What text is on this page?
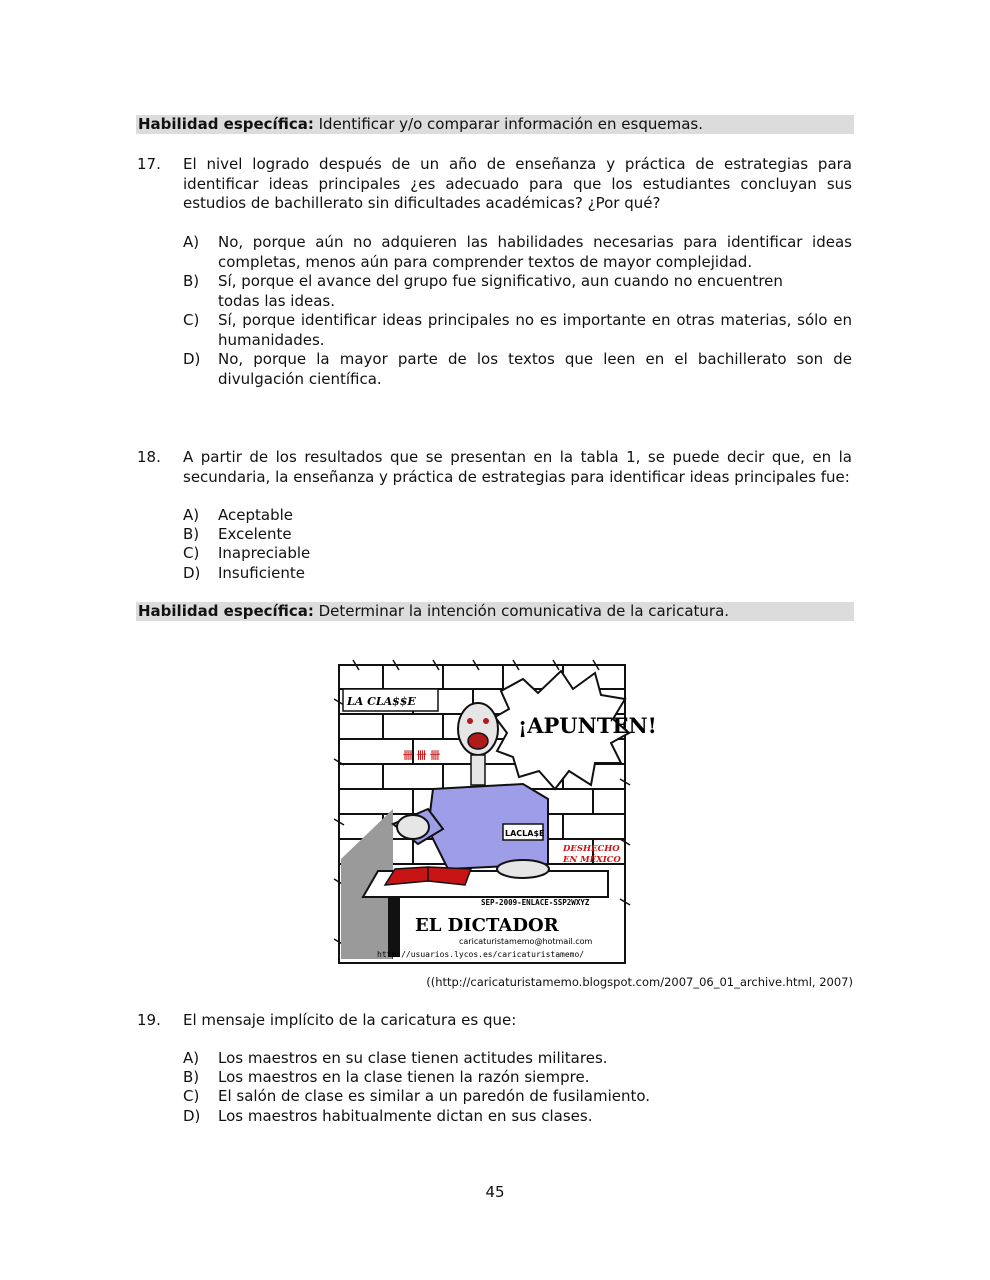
Habilidad específica: Identificar y/o comparar información en esquemas.
17. El nivel logrado después de un año de enseñanza y práctica de estrategias para identificar ideas principales ¿es adecuado para que los estudiantes concluyan sus estudios de bachillerato sin dificultades académicas? ¿Por qué?
A) No, porque aún no adquieren las habilidades necesarias para identificar ideas completas, menos aún para comprender textos de mayor complejidad.
B) Sí, porque el avance del grupo fue significativo, aun cuando no encuentren todas las ideas.
C) Sí, porque identificar ideas principales no es importante en otras materias, sólo en humanidades.
D) No, porque la mayor parte de los textos que leen en el bachillerato son de divulgación científica.
18. A partir de los resultados que se presentan en la tabla 1, se puede decir que, en la secundaria, la enseñanza y práctica de estrategias para identificar ideas principales fue:
A) Aceptable
B) Excelente
C) Inapreciable
D) Insuficiente
Habilidad específica: Determinar la intención comunicativa de la caricatura.
LA CLA$$E
卌 卌 卌
¡APUNTEN!
LACLA$E
DESHECHO
EN MÉXICO
SEP-2009-ENLACE-SSP2WXYZ
EL DICTADOR
caricaturistamemo@hotmail.com
http://usuarios.lycos.es/caricaturistamemo/
((http://caricaturistamemo.blogspot.com/2007_06_01_archive.html, 2007)
19. El mensaje implícito de la caricatura es que:
A) Los maestros en su clase tienen actitudes militares.
B) Los maestros en la clase tienen la razón siempre.
C) El salón de clase es similar a un paredón de fusilamiento.
D) Los maestros habitualmente dictan en sus clases.
45
